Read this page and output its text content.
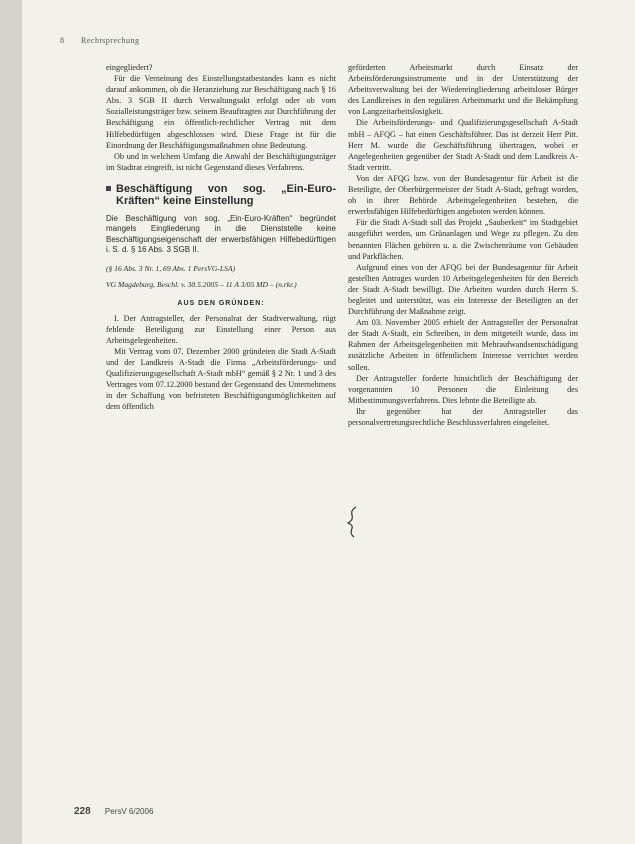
8 Rechtsprechung

eingegliedert?

Für die Verneinung des Einstellungstatbestandes kann es nicht darauf ankommen, ob die Heranziehung zur Beschäftigung nach § 16 Abs. 3 SGB II durch Verwaltungsakt erfolgt oder ob vom Sozialleistungsträger bzw. seinem Beauftragten zur Durchführung der Beschäftigung ein öffentlich-rechtlicher Vertrag mit dem Hilfebedürftigen abgeschlossen wird. Diese Frage ist für die Einordnung der Beschäftigungsmaßnahmen ohne Bedeutung.

Ob und in welchem Umfang die Anwahl der Beschäftigungsträger im Stadtrat eingreift, ist nicht Gegenstand dieses Verfahrens.

Beschäftigung von sog. „Ein-Euro-Kräften“ keine Einstellung
Die Beschäftigung von sog. „Ein-Euro-Kräften“ begründet mangels Eingliederung in die Dienststelle keine Beschäftigungseigenschaft der erwerbsfähigen Hilfebedürftigen i. S. d. § 16 Abs. 3 SGB II.
(§ 16 Abs. 3 Nr. 1, 69 Abs. 1 PersVG-LSA)
VG Magdeburg, Beschl. v. 30.5.2005 – 11 A 3/05 MD – (n.rkr.)
AUS DEN GRÜNDEN:

I. Der Antragsteller, der Personalrat der Stadtverwaltung, rügt fehlende Beteiligung zur Einstellung einer Person aus Arbeitsgelegenheiten.

Mit Vertrag vom 07. Dezember 2000 gründeten die Stadt A-Stadt und der Landkreis A-Stadt die Firma „Arbeitsförderungs- und Qualifizierungsgesellschaft A-Stadt mbH“ gemäß § 2 Nr. 1 und 3 des Vertrages vom 07.12.2000 bestand der Gegenstand des Unternehmens in der Schaffung von befristeten Beschäftigungsmöglichkeiten auf dem öffentlich

geförderten Arbeitsmarkt durch Einsatz der Arbeitsförderungsinstrumente und in der Unterstützung der Arbeitsverwaltung bei der Wiedereingliederung arbeitsloser Bürger des Landkreises in den regulären Arbeitsmarkt und die Bekämpfung von Langzeitarbeitslosigkeit.

Die Arbeitsförderungs- und Qualifizierungsgesellschaft A-Stadt mbH – AFQG – hat einen Geschäftsführer. Das ist derzeit Herr Pitt. Herr M. wurde die Geschäftsführung übertragen, wobei er Angelegenheiten gegenüber der Stadt A-Stadt und dem Landkreis A-Stadt vertritt.

Von der AFQG bzw. von der Bundesagentur für Arbeit ist die Beteiligte, der Oberbürgermeister der Stadt A-Stadt, gefragt worden, ob in ihrer Behörde Arbeitsgelegenheiten bestehen, die erwerbsfähigen Hilfebedürftigen angeboten werden können.

Für die Stadt A-Stadt soll das Projekt „Sauberkeit“ im Stadtgebiet ausgeführt werden, um Grünanlagen und Wege zu pflegen. Zu den benannten Flächen gehören u. a. die Zwischenräume von Gebäuden und Parkflächen.

Aufgrund eines von der AFQG bei der Bundesagentur für Arbeit gestellten Antrages wurden 10 Arbeitsgelegenheiten für den Bereich der Stadt A-Stadt bewilligt. Die Arbeiten wurden durch Herrn S. begleitet und unterstützt, was ein Interesse der Beteiligten an der Durchführung der Maßnahme zeigt.

Am 03. November 2005 erhielt der Antragsteller der Personalrat der Stadt A-Stadt, ein Schreiben, in dem mitgeteilt wurde, dass im Rahmen der Arbeitsgelegenheiten mit Mehraufwandsentschädigung zusätzliche Arbeiten in öffentlichem Interesse verrichtet werden sollen.

Der Antragsteller forderte hinsichtlich der Beschäftigung der vorgenannten 10 Personen die Einleitung des Mitbestimmungsverfahrens. Dies lehnte die Beteiligte ab.

Ihr gegenüber hat der Antragsteller das personalvertretungsrechtliche Beschlussverfahren eingeleitet.

228 PersV 6/2006
